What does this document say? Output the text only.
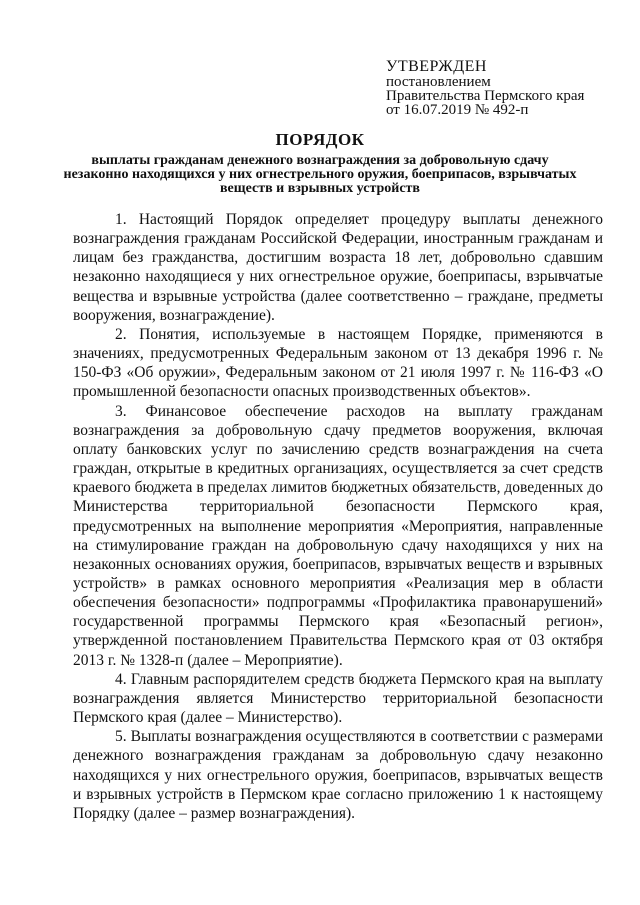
УТВЕРЖДЕН
постановлением
Правительства Пермского края
от 16.07.2019 № 492-п
ПОРЯДОК
выплаты гражданам денежного вознаграждения за добровольную сдачу незаконно находящихся у них огнестрельного оружия, боеприпасов, взрывчатых веществ и взрывных устройств

1. Настоящий Порядок определяет процедуру выплаты денежного вознаграждения гражданам Российской Федерации, иностранным гражданам и лицам без гражданства, достигшим возраста 18 лет, добровольно сдавшим незаконно находящиеся у них огнестрельное оружие, боеприпасы, взрывчатые вещества и взрывные устройства (далее соответственно – граждане, предметы вооружения, вознаграждение).

2. Понятия, используемые в настоящем Порядке, применяются в значениях, предусмотренных Федеральным законом от 13 декабря 1996 г. № 150-ФЗ «Об оружии», Федеральным законом от 21 июля 1997 г. № 116-ФЗ «О промышленной безопасности опасных производственных объектов».

3. Финансовое обеспечение расходов на выплату гражданам вознаграждения за добровольную сдачу предметов вооружения, включая оплату банковских услуг по зачислению средств вознаграждения на счета граждан, открытые в кредитных организациях, осуществляется за счет средств краевого бюджета в пределах лимитов бюджетных обязательств, доведенных до Министерства территориальной безопасности Пермского края, предусмотренных на выполнение мероприятия «Мероприятия, направленные на стимулирование граждан на добровольную сдачу находящихся у них на незаконных основаниях оружия, боеприпасов, взрывчатых веществ и взрывных устройств» в рамках основного мероприятия «Реализация мер в области обеспечения безопасности» подпрограммы «Профилактика правонарушений» государственной программы Пермского края «Безопасный регион», утвержденной постановлением Правительства Пермского края от 03 октября 2013 г. № 1328-п (далее – Мероприятие).

4. Главным распорядителем средств бюджета Пермского края на выплату вознаграждения является Министерство территориальной безопасности Пермского края (далее – Министерство).

5. Выплаты вознаграждения осуществляются в соответствии с размерами денежного вознаграждения гражданам за добровольную сдачу незаконно находящихся у них огнестрельного оружия, боеприпасов, взрывчатых веществ и взрывных устройств в Пермском крае согласно приложению 1 к настоящему Порядку (далее – размер вознаграждения).
